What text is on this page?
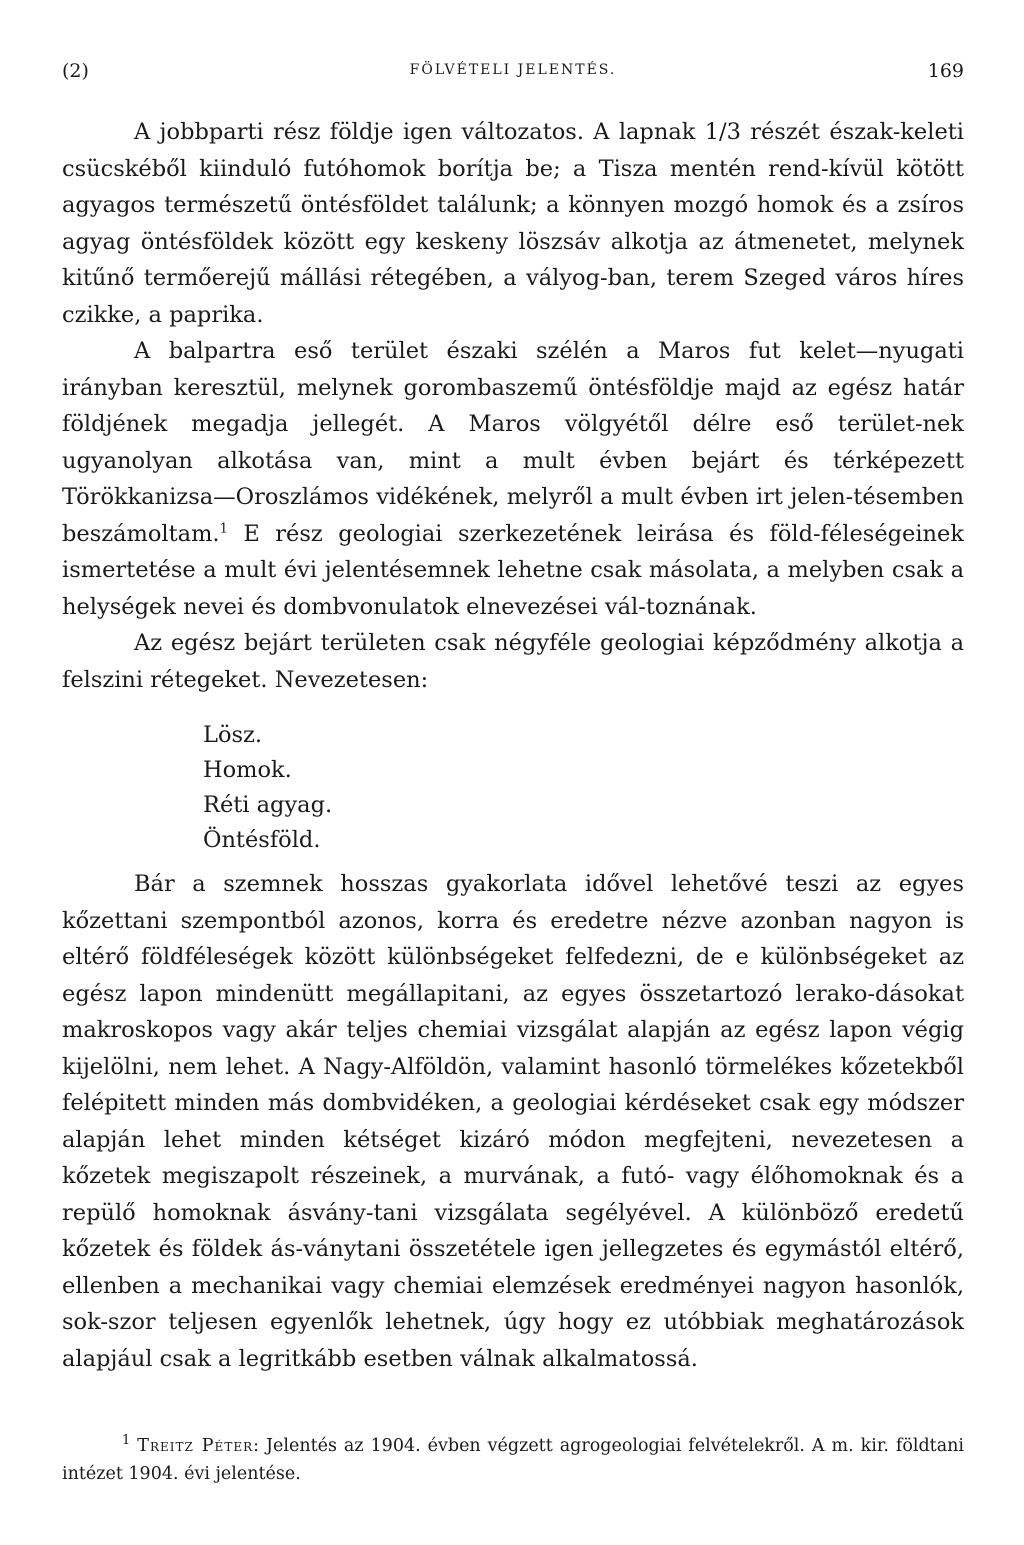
(2)	FÖLVÉTELI JELENTÉS.	169

A jobbparti rész földje igen változatos. A lapnak 1/3 részét észak-keleti csücskéből kiinduló futóhomok borítja be; a Tisza mentén rend-kívül kötött agyagos természetű öntésföldet találunk; a könnyen mozgó homok és a zsíros agyag öntésföldek között egy keskeny löszsáv alkotja az átmenetet, melynek kitűnő termőerejű mállási rétegében, a vályog-ban, terem Szeged város híres czikke, a paprika.

A balpartra eső terület északi szélén a Maros fut kelet—nyugati irányban keresztül, melynek gorombaszemű öntésföldje majd az egész határ földjének megadja jellegét. A Maros völgyétől délre eső terület-nek ugyanolyan alkotása van, mint a mult évben bejárt és térképezett Törökkanizsa—Oroszlámos vidékének, melyről a mult évben irt jelen-tésemben beszámoltam.$^1$ E rész geologiai szerkezetének leirása és föld-féleségeinek ismertetése a mult évi jelentésemnek lehetne csak másolata, a melyben csak a helységek nevei és dombvonulatok elnevezései vál-toznának.

Az egész bejárt területen csak négyféle geologiai képződmény alkotja a felszini rétegeket. Nevezetesen:

Lösz.
Homok.
Réti agyag.
Öntésföld.

Bár a szemnek hosszas gyakorlata idővel lehetővé teszi az egyes kőzettani szempontból azonos, korra és eredetre nézve azonban nagyon is eltérő földféleségek között különbségeket felfedezni, de e különbségeket az egész lapon mindenütt megállapitani, az egyes összetartozó lerako-dásokat makroskopos vagy akár teljes chemiai vizsgálat alapján az egész lapon végig kijelölni, nem lehet. A Nagy-Alföldön, valamint hasonló törmelékes kőzetekből felépitett minden más dombvidéken, a geologiai kérdéseket csak egy módszer alapján lehet minden kétséget kizáró módon megfejteni, nevezetesen a kőzetek megiszapolt részeinek, a murvának, a futó- vagy élőhomoknak és a repülő homoknak ásvány-tani vizsgálata segélyével. A különböző eredetű kőzetek és földek ás-ványtani összetétele igen jellegzetes és egymástól eltérő, ellenben a mechanikai vagy chemiai elemzések eredményei nagyon hasonlók, sok-szor teljesen egyenlők lehetnek, úgy hogy ez utóbbiak meghatározások alapjául csak a legritkább esetben válnak alkalmatossá.

$^1$ Treitz Péter: Jelentés az 1904. évben végzett agrogeologiai felvételekről. A m. kir. földtani intézet 1904. évi jelentése.
